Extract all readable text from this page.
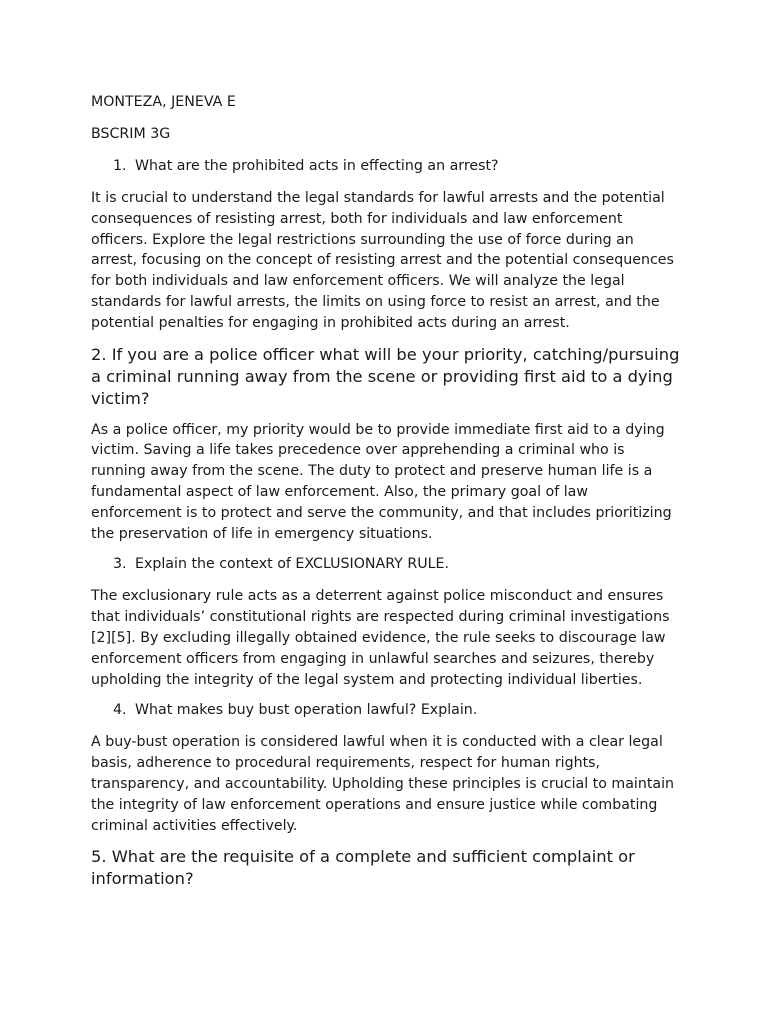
MONTEZA, JENEVA E

BSCRIM 3G

1. What are the prohibited acts in effecting an arrest?

It is crucial to understand the legal standards for lawful arrests and the potential consequences of resisting arrest, both for individuals and law enforcement officers. Explore the legal restrictions surrounding the use of force during an arrest, focusing on the concept of resisting arrest and the potential consequences for both individuals and law enforcement officers. We will analyze the legal standards for lawful arrests, the limits on using force to resist an arrest, and the potential penalties for engaging in prohibited acts during an arrest.

2. If you are a police officer what will be your priority, catching/pursuing a criminal running away from the scene or providing first aid to a dying victim?

As a police officer, my priority would be to provide immediate first aid to a dying victim. Saving a life takes precedence over apprehending a criminal who is running away from the scene. The duty to protect and preserve human life is a fundamental aspect of law enforcement. Also, the primary goal of law enforcement is to protect and serve the community, and that includes prioritizing the preservation of life in emergency situations.

3. Explain the context of EXCLUSIONARY RULE.

The exclusionary rule acts as a deterrent against police misconduct and ensures that individuals’ constitutional rights are respected during criminal investigations [2][5]. By excluding illegally obtained evidence, the rule seeks to discourage law enforcement officers from engaging in unlawful searches and seizures, thereby upholding the integrity of the legal system and protecting individual liberties.

4. What makes buy bust operation lawful? Explain.

A buy-bust operation is considered lawful when it is conducted with a clear legal basis, adherence to procedural requirements, respect for human rights, transparency, and accountability. Upholding these principles is crucial to maintain the integrity of law enforcement operations and ensure justice while combating criminal activities effectively.

5. What are the requisite of a complete and sufficient complaint or information?
